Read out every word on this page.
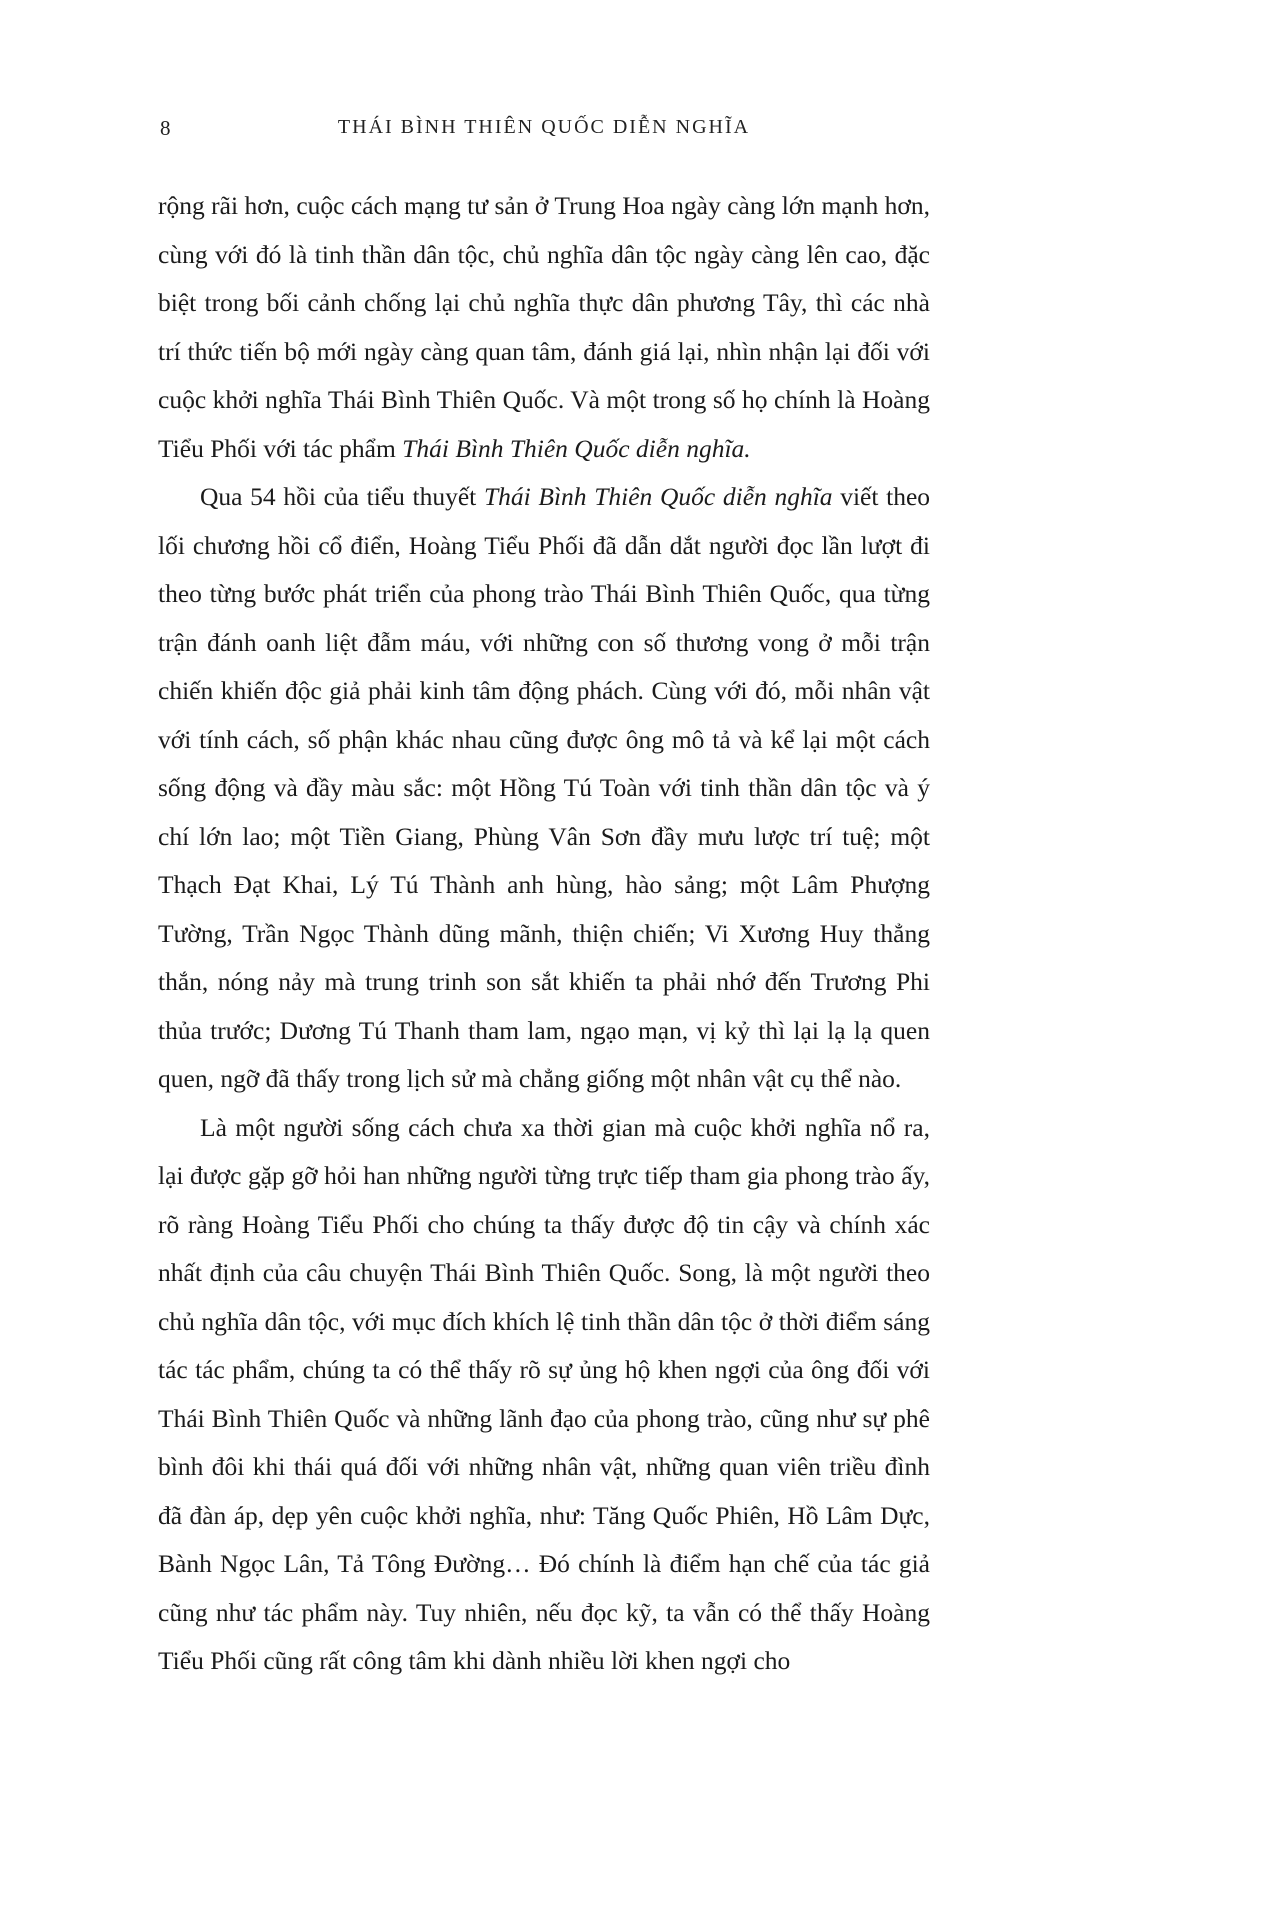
8	THÁI BÌNH THIÊN QUỐC DIỄN NGHĨA

rộng rãi hơn, cuộc cách mạng tư sản ở Trung Hoa ngày càng lớn mạnh hơn, cùng với đó là tinh thần dân tộc, chủ nghĩa dân tộc ngày càng lên cao, đặc biệt trong bối cảnh chống lại chủ nghĩa thực dân phương Tây, thì các nhà trí thức tiến bộ mới ngày càng quan tâm, đánh giá lại, nhìn nhận lại đối với cuộc khởi nghĩa Thái Bình Thiên Quốc. Và một trong số họ chính là Hoàng Tiểu Phối với tác phẩm Thái Bình Thiên Quốc diễn nghĩa.

Qua 54 hồi của tiểu thuyết Thái Bình Thiên Quốc diễn nghĩa viết theo lối chương hồi cổ điển, Hoàng Tiểu Phối đã dẫn dắt người đọc lần lượt đi theo từng bước phát triển của phong trào Thái Bình Thiên Quốc, qua từng trận đánh oanh liệt đẫm máu, với những con số thương vong ở mỗi trận chiến khiến độc giả phải kinh tâm động phách. Cùng với đó, mỗi nhân vật với tính cách, số phận khác nhau cũng được ông mô tả và kể lại một cách sống động và đầy màu sắc: một Hồng Tú Toàn với tinh thần dân tộc và ý chí lớn lao; một Tiền Giang, Phùng Vân Sơn đầy mưu lược trí tuệ; một Thạch Đạt Khai, Lý Tú Thành anh hùng, hào sảng; một Lâm Phượng Tường, Trần Ngọc Thành dũng mãnh, thiện chiến; Vi Xương Huy thẳng thắn, nóng nảy mà trung trinh son sắt khiến ta phải nhớ đến Trương Phi thủa trước; Dương Tú Thanh tham lam, ngạo mạn, vị kỷ thì lại lạ lạ quen quen, ngỡ đã thấy trong lịch sử mà chẳng giống một nhân vật cụ thể nào.

Là một người sống cách chưa xa thời gian mà cuộc khởi nghĩa nổ ra, lại được gặp gỡ hỏi han những người từng trực tiếp tham gia phong trào ấy, rõ ràng Hoàng Tiểu Phối cho chúng ta thấy được độ tin cậy và chính xác nhất định của câu chuyện Thái Bình Thiên Quốc. Song, là một người theo chủ nghĩa dân tộc, với mục đích khích lệ tinh thần dân tộc ở thời điểm sáng tác tác phẩm, chúng ta có thể thấy rõ sự ủng hộ khen ngợi của ông đối với Thái Bình Thiên Quốc và những lãnh đạo của phong trào, cũng như sự phê bình đôi khi thái quá đối với những nhân vật, những quan viên triều đình đã đàn áp, dẹp yên cuộc khởi nghĩa, như: Tăng Quốc Phiên, Hồ Lâm Dực, Bành Ngọc Lân, Tả Tông Đường… Đó chính là điểm hạn chế của tác giả cũng như tác phẩm này. Tuy nhiên, nếu đọc kỹ, ta vẫn có thể thấy Hoàng Tiểu Phối cũng rất công tâm khi dành nhiều lời khen ngợi cho
